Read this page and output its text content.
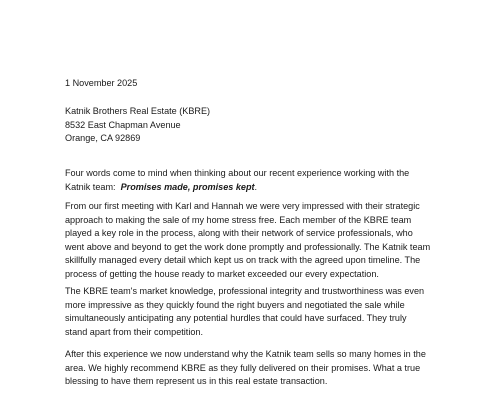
1 November 2025
Katnik Brothers Real Estate (KBRE)
8532 East Chapman Avenue
Orange, CA 92869

Four words come to mind when thinking about our recent experience working with the
Katnik team: Promises made, promises kept.

From our first meeting with Karl and Hannah we were very impressed with their strategic
approach to making the sale of my home stress free. Each member of the KBRE team
played a key role in the process, along with their network of service professionals, who
went above and beyond to get the work done promptly and professionally. The Katnik team
skillfully managed every detail which kept us on track with the agreed upon timeline. The
process of getting the house ready to market exceeded our every expectation.

The KBRE team's market knowledge, professional integrity and trustworthiness was even
more impressive as they quickly found the right buyers and negotiated the sale while
simultaneously anticipating any potential hurdles that could have surfaced. They truly
stand apart from their competition.

After this experience we now understand why the Katnik team sells so many homes in the
area. We highly recommend KBRE as they fully delivered on their promises. What a true
blessing to have them represent us in this real estate transaction.
